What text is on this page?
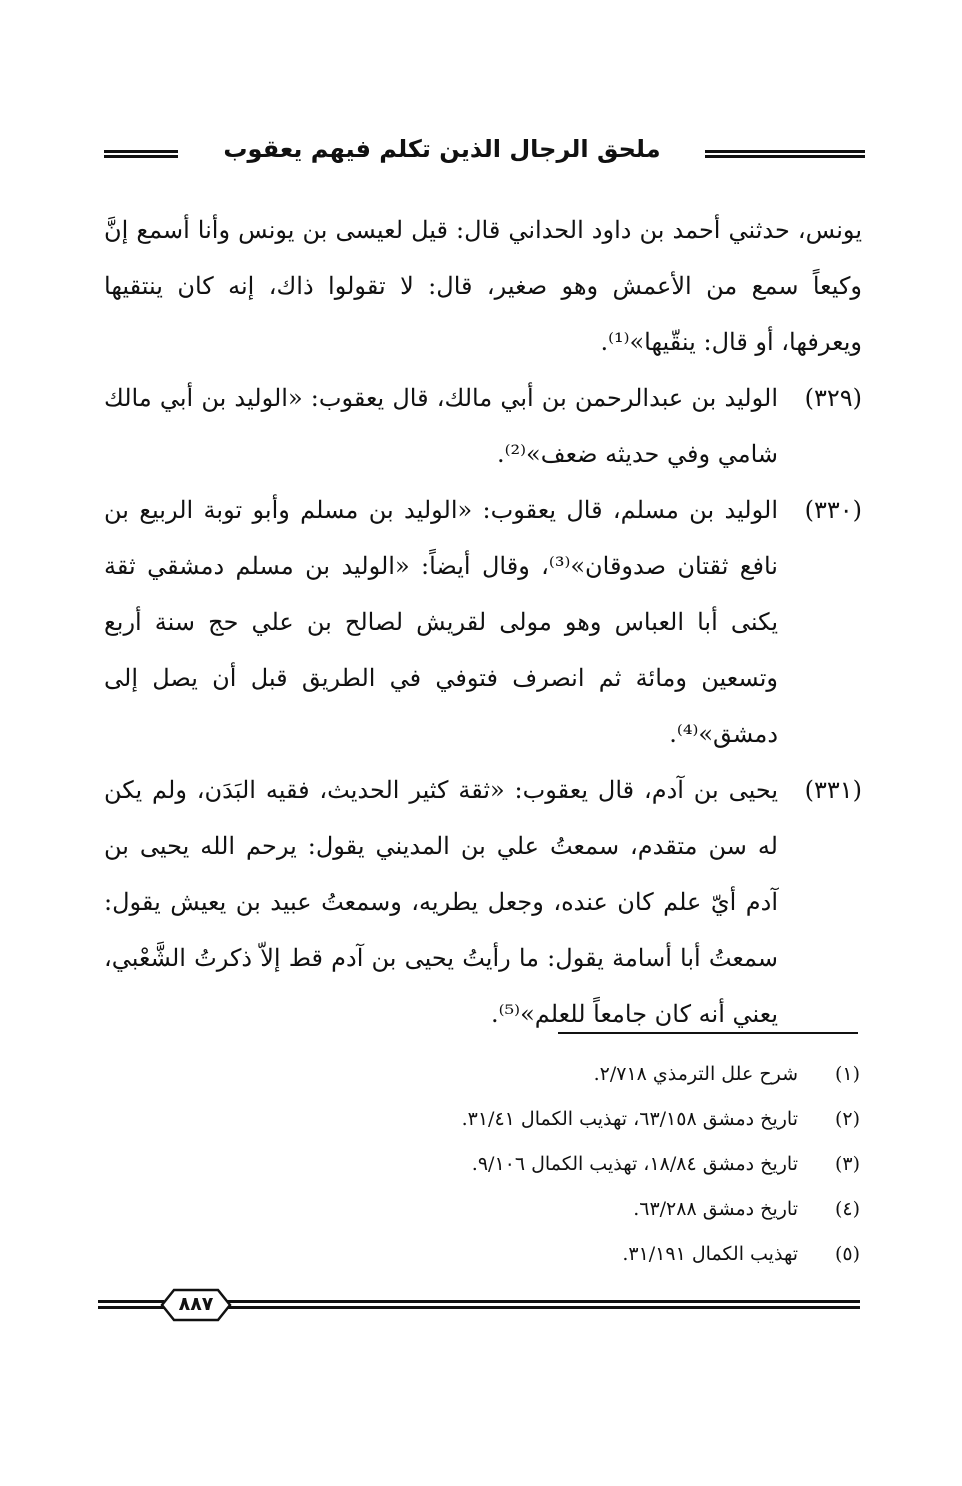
ملحق الرجال الذين تكلم فيهم يعقوب

يونس، حدثني أحمد بن داود الحداني قال: قيل لعيسى بن يونس وأنا أسمع إنَّ وكيعاً سمع من الأعمش وهو صغير، قال: لا تقولوا ذاك، إنه كان ينتقيها ويعرفها، أو قال: ينقّيها»⁽¹⁾.

(٣٢٩)
الوليد بن عبدالرحمن بن أبي مالك، قال يعقوب: «الوليد بن أبي مالك شامي وفي حديثه ضعف»⁽²⁾.
(٣٣٠)
الوليد بن مسلم، قال يعقوب: «الوليد بن مسلم وأبو توبة الربيع بن نافع ثقتان صدوقان»⁽³⁾، وقال أيضاً: «الوليد بن مسلم دمشقي ثقة يكنى أبا العباس وهو مولى لقريش لصالح بن علي حج سنة أربع وتسعين ومائة ثم انصرف فتوفي في الطريق قبل أن يصل إلى دمشق»⁽⁴⁾.
(٣٣١)
يحيى بن آدم، قال يعقوب: «ثقة كثير الحديث، فقيه البَدَن، ولم يكن له سن متقدم، سمعتُ علي بن المديني يقول: يرحم الله يحيى بن آدم أيّ علم كان عنده، وجعل يطريه، وسمعتُ عبيد بن يعيش يقول: سمعتُ أبا أسامة يقول: ما رأيتُ يحيى بن آدم قط إلاّ ذكرتُ الشَّعْبي، يعني أنه كان جامعاً للعلم»⁽⁵⁾.
(١)
شرح علل الترمذي ٢/٧١٨.
(٢)
تاريخ دمشق ٦٣/١٥٨، تهذيب الكمال ٣١/٤١.
(٣)
تاريخ دمشق ١٨/٨٤، تهذيب الكمال ٩/١٠٦.
(٤)
تاريخ دمشق ٦٣/٢٨٨.
(٥)
تهذيب الكمال ٣١/١٩١.
٨٨٧
